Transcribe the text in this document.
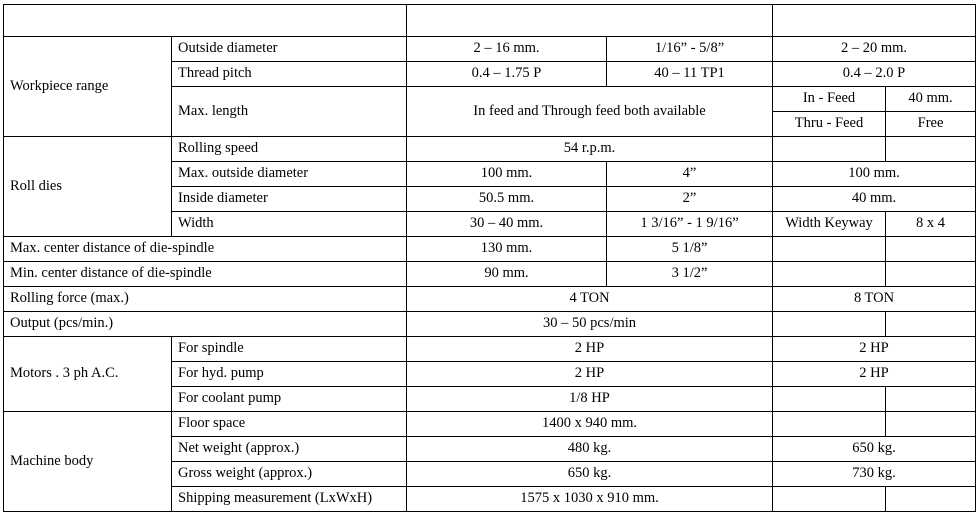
MAIN SPECIFICATION		YC-310		YC-320	
Workpiece range	Outside diameter	2 – 16 mm.	1/16” - 5/8”	2 – 20 mm.	
	Thread pitch	0.4 – 1.75 P	40 – 11 TP1	0.4 – 2.0 P	
	Max. length	In feed and Through feed both available		In - Feed	40 mm.
				Thru - Feed	Free
Roll dies	Rolling speed	54 r.p.m.			
	Max. outside diameter	100 mm.	4”	100 mm.	
	Inside diameter	50.5 mm.	2”	40 mm.	
	Width	30 – 40 mm.	1 3/16” - 1 9/16”	Width Keyway	8 x 4
Max. center distance of die-spindle		130 mm.	5 1/8”		
Min. center distance of die-spindle		90 mm.	3 1/2”		
Rolling force (max.)		4 TON		8 TON	
Output (pcs/min.)		30 – 50 pcs/min			
Motors . 3 ph A.C.	For spindle	2 HP		2 HP	
	For hyd. pump	2 HP		2 HP	
	For coolant pump	1/8 HP			
Machine body	Floor space	1400 x 940 mm.			
	Net weight (approx.)	480 kg.		650 kg.	
	Gross weight (approx.)	650 kg.		730 kg.	
	Shipping measurement (LxWxH)	1575 x 1030 x 910 mm.			
